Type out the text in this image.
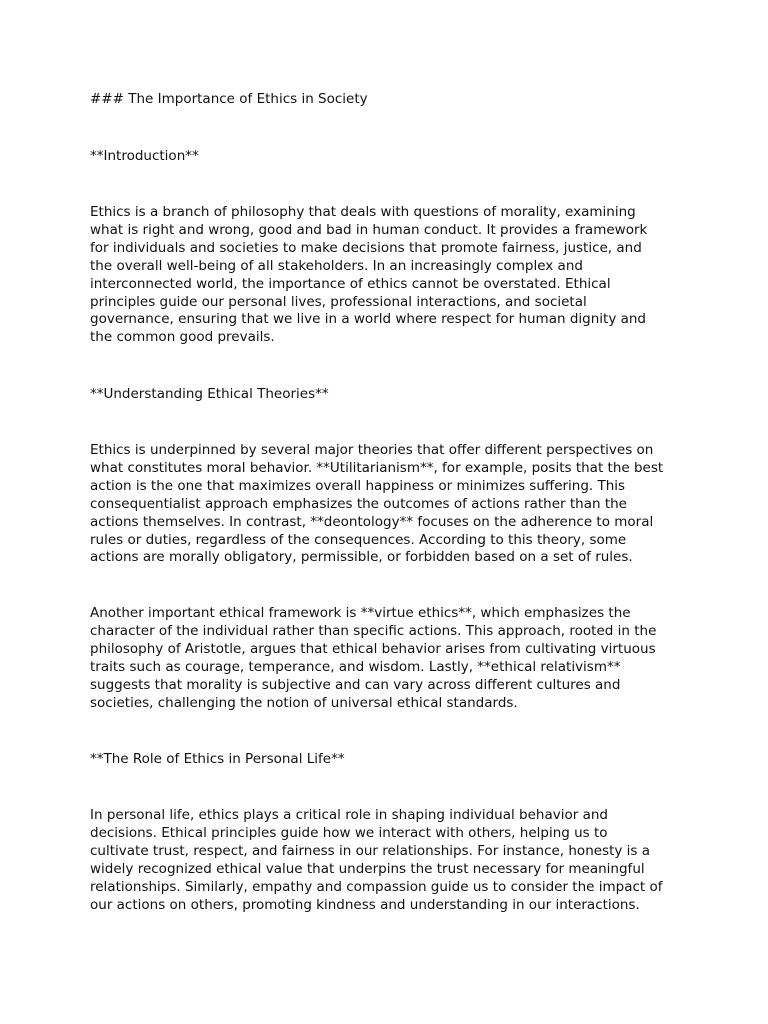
### The Importance of Ethics in Society

**Introduction**

Ethics is a branch of philosophy that deals with questions of morality, examining
what is right and wrong, good and bad in human conduct. It provides a framework
for individuals and societies to make decisions that promote fairness, justice, and
the overall well-being of all stakeholders. In an increasingly complex and
interconnected world, the importance of ethics cannot be overstated. Ethical
principles guide our personal lives, professional interactions, and societal
governance, ensuring that we live in a world where respect for human dignity and
the common good prevails.

**Understanding Ethical Theories**

Ethics is underpinned by several major theories that offer different perspectives on
what constitutes moral behavior. **Utilitarianism**, for example, posits that the best
action is the one that maximizes overall happiness or minimizes suffering. This
consequentialist approach emphasizes the outcomes of actions rather than the
actions themselves. In contrast, **deontology** focuses on the adherence to moral
rules or duties, regardless of the consequences. According to this theory, some
actions are morally obligatory, permissible, or forbidden based on a set of rules.

Another important ethical framework is **virtue ethics**, which emphasizes the
character of the individual rather than specific actions. This approach, rooted in the
philosophy of Aristotle, argues that ethical behavior arises from cultivating virtuous
traits such as courage, temperance, and wisdom. Lastly, **ethical relativism**
suggests that morality is subjective and can vary across different cultures and
societies, challenging the notion of universal ethical standards.

**The Role of Ethics in Personal Life**

In personal life, ethics plays a critical role in shaping individual behavior and
decisions. Ethical principles guide how we interact with others, helping us to
cultivate trust, respect, and fairness in our relationships. For instance, honesty is a
widely recognized ethical value that underpins the trust necessary for meaningful
relationships. Similarly, empathy and compassion guide us to consider the impact of
our actions on others, promoting kindness and understanding in our interactions.
